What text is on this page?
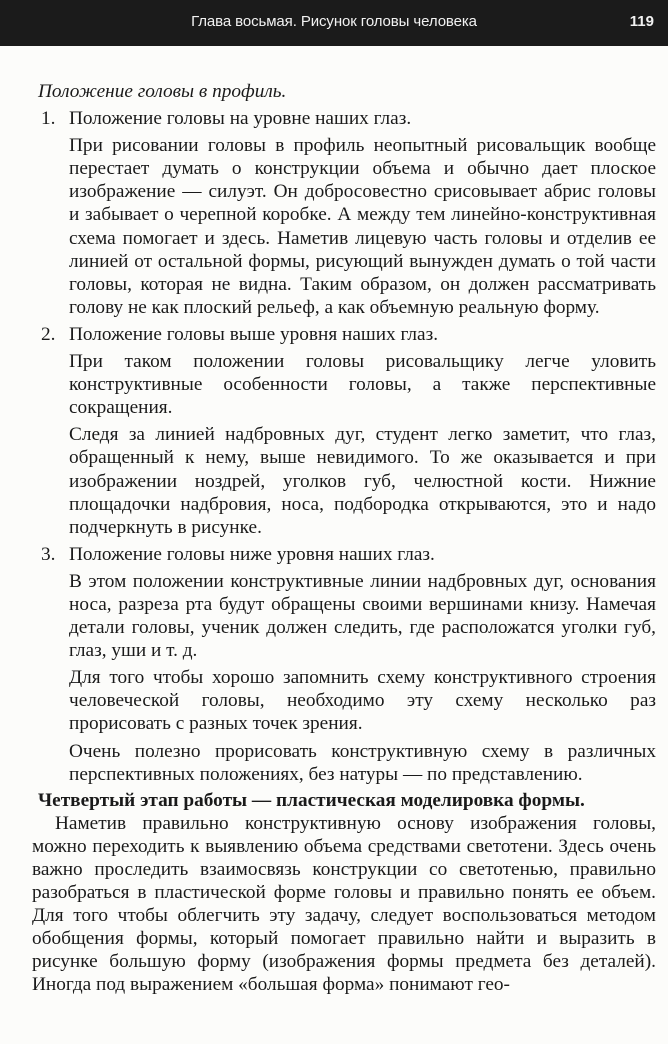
Глава восьмая. Рисунок головы человека	119

Положение головы в профиль.

1. Положение головы на уровне наших глаз.

При рисовании головы в профиль неопытный рисовальщик вообще перестает думать о конструкции объема и обычно дает плоское изображение — силуэт. Он добросовестно срисовывает абрис головы и забывает о черепной коробке. А между тем линейно-конструктивная схема помогает и здесь. Наметив лицевую часть головы и отделив ее линией от остальной формы, рисующий вынужден думать о той части головы, которая не видна. Таким образом, он должен рассматривать голову не как плоский рельеф, а как объемную реальную форму.

2. Положение головы выше уровня наших глаз.

При таком положении головы рисовальщику легче уловить конструктивные особенности головы, а также перспективные сокращения.

Следя за линией надбровных дуг, студент легко заметит, что глаз, обращенный к нему, выше невидимого. То же оказывается и при изображении ноздрей, уголков губ, челюстной кости. Нижние площадочки надбровия, носа, подбородка открываются, это и надо подчеркнуть в рисунке.

3. Положение головы ниже уровня наших глаз.

В этом положении конструктивные линии надбровных дуг, основания носа, разреза рта будут обращены своими вершинами книзу. Намечая детали головы, ученик должен следить, где расположатся уголки губ, глаз, уши и т. д.

Для того чтобы хорошо запомнить схему конструктивного строения человеческой головы, необходимо эту схему несколько раз прорисовать с разных точек зрения.

Очень полезно прорисовать конструктивную схему в различных перспективных положениях, без натуры — по представлению.

Четвертый этап работы — пластическая моделировка формы.

Наметив правильно конструктивную основу изображения головы, можно переходить к выявлению объема средствами светотени. Здесь очень важно проследить взаимосвязь конструкции со светотенью, правильно разобраться в пластической форме головы и правильно понять ее объем. Для того чтобы облегчить эту задачу, следует воспользоваться методом обобщения формы, который помогает правильно найти и выразить в рисунке большую форму (изображения формы предмета без деталей). Иногда под выражением «большая форма» понимают гео-
